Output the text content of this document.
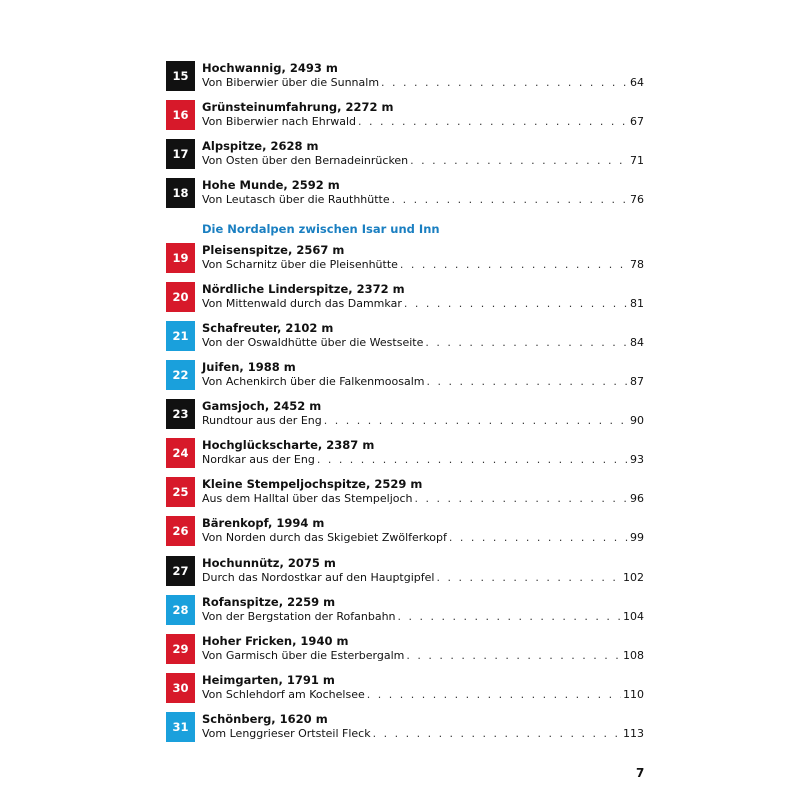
Die Nordalpen zwischen Isar und Inn
15
Hochwannig, 2493 m
Von Biberwier über die Sunnalm . . .	64
16
Grünsteinumfahrung, 2272 m
Von Biberwier nach Ehrwald . . .	67
17
Alpspitze, 2628 m
Von Osten über den Bernadeinrücken . . .	71
18
Hohe Munde, 2592 m
Von Leutasch über die Rauthhütte . . .	76
19
Pleisenspitze, 2567 m
Von Scharnitz über die Pleisenhütte . . .	78
20
Nördliche Linderspitze, 2372 m
Von Mittenwald durch das Dammkar . . .	81
21
Schafreuter, 2102 m
Von der Oswaldhütte über die Westseite . . .	84
22
Juifen, 1988 m
Von Achenkirch über die Falkenmoosalm . . .	87
23
Gamsjoch, 2452 m
Rundtour aus der Eng . . .	90
24
Hochglückscharte, 2387 m
Nordkar aus der Eng . . .	93
25
Kleine Stempeljochspitze, 2529 m
Aus dem Halltal über das Stempeljoch . . .	96
26
Bärenkopf, 1994 m
Von Norden durch das Skigebiet Zwölferkopf . . .	99
27
Hochunnütz, 2075 m
Durch das Nordostkar auf den Hauptgipfel . . .	102
28
Rofanspitze, 2259 m
Von der Bergstation der Rofanbahn . . .	104
29
Hoher Fricken, 1940 m
Von Garmisch über die Esterbergalm . . .	108
30
Heimgarten, 1791 m
Von Schlehdorf am Kochelsee . . .	110
31
Schönberg, 1620 m
Vom Lenggrieser Ortsteil Fleck . . .	113
7
